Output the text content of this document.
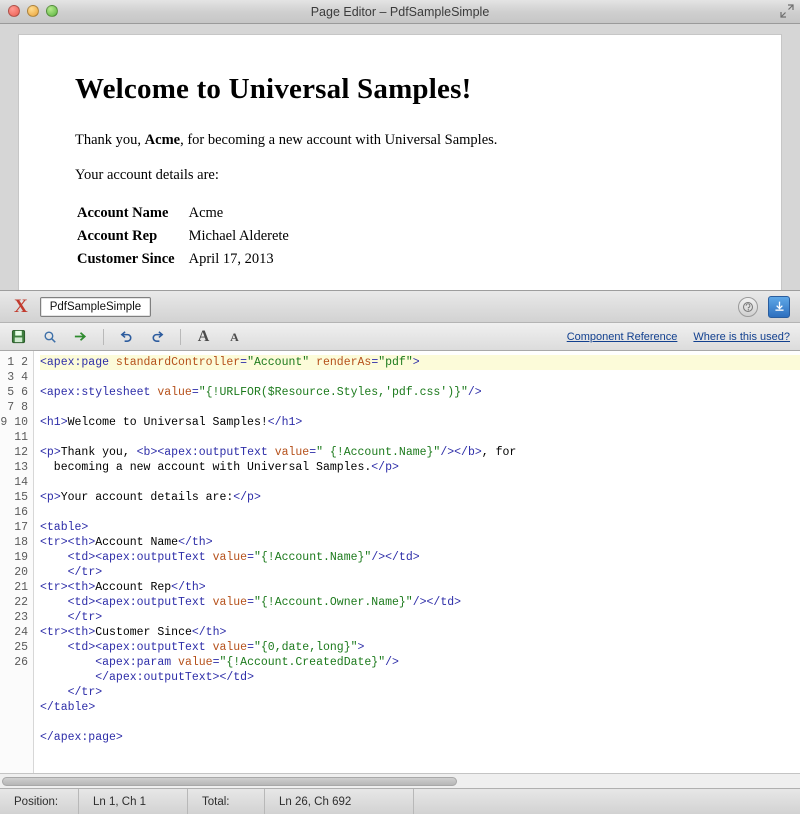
Page Editor – PdfSampleSimple
Welcome to Universal Samples!

Thank you, Acme, for becoming a new account with Universal Samples.

Your account details are:

Account Name	Acme
Account Rep	Michael Alderete
Customer Since	April 17, 2013
X	PdfSampleSimple
A	A	Component Reference Where is this used?
1 2 3 4 5 6 7 8 9 10 11 12 13 14 15 16 17 18 19 20 21 22 23 24 25 26
<apex:page standardController="Account" renderAs="pdf">

<apex:stylesheet value="{!URLFOR($Resource.Styles,'pdf.css')}"/>

<h1>Welcome to Universal Samples!</h1>

<p>Thank you, <b><apex:outputText value=" {!Account.Name}"/></b>, for
becoming a new account with Universal Samples.</p>

<p>Your account details are:</p>

<table>
<tr><th>Account Name</th>
<td><apex:outputText value="{!Account.Name}"/></td>
</tr>
<tr><th>Account Rep</th>
<td><apex:outputText value="{!Account.Owner.Name}"/></td>
</tr>
<tr><th>Customer Since</th>
<td><apex:outputText value="{0,date,long}">
<apex:param value="{!Account.CreatedDate}"/>
</apex:outputText></td>
</tr>
</table>

</apex:page>
Position:	Ln 1, Ch 1	Total:	Ln 26, Ch 692
